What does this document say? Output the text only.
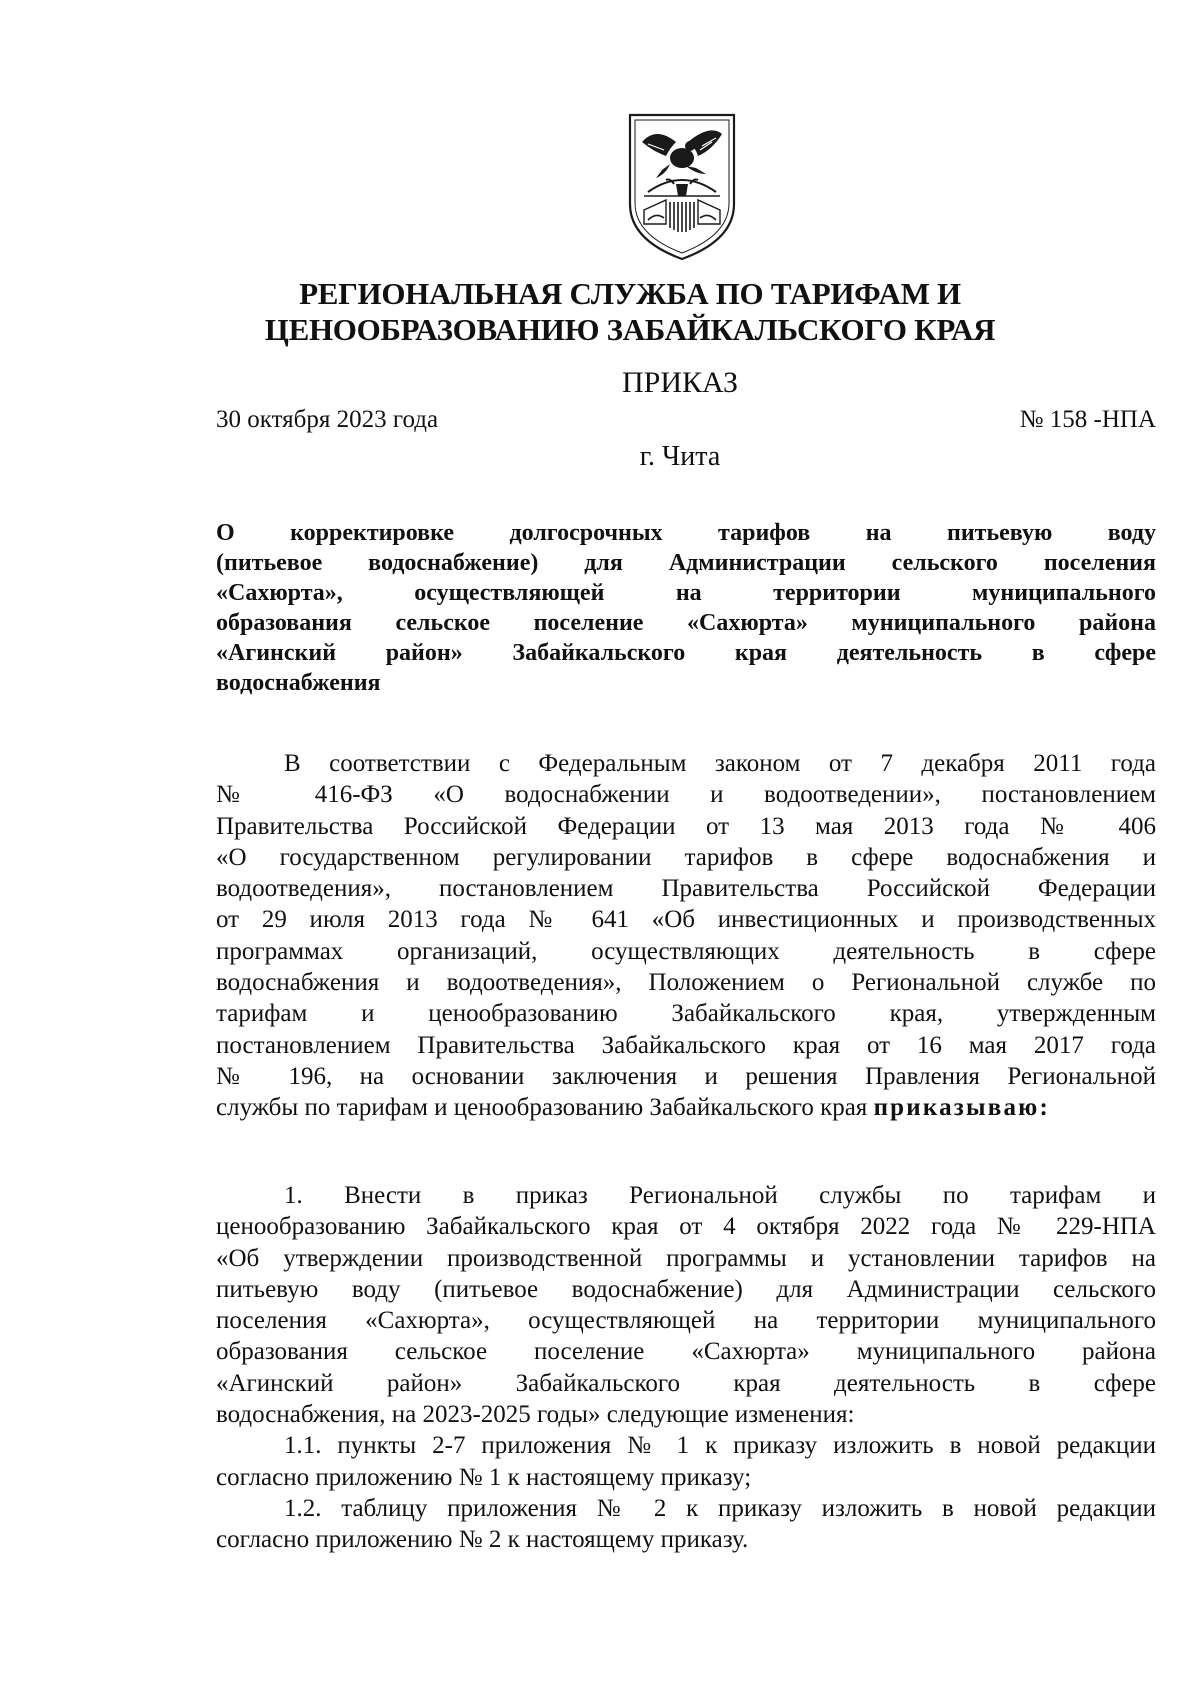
РЕГИОНАЛЬНАЯ СЛУЖБА ПО ТАРИФАМ И
ЦЕНООБРАЗОВАНИЮ ЗАБАЙКАЛЬСКОГО КРАЯ
ПРИКАЗ
30 октября 2023 года	№ 158 -НПА
г. Чита
О корректировке долгосрочных тарифов на питьевую воду
(питьевое водоснабжение) для Администрации сельского поселения
«Сахюрта», осуществляющей на территории муниципального
образования сельское поселение «Сахюрта» муниципального района
«Агинский район» Забайкальского края деятельность в сфере
водоснабжения
В соответствии с Федеральным законом от 7 декабря 2011 года
№ 416-ФЗ «О водоснабжении и водоотведении», постановлением
Правительства Российской Федерации от 13 мая 2013 года № 406
«О государственном регулировании тарифов в сфере водоснабжения и
водоотведения», постановлением Правительства Российской Федерации
от 29 июля 2013 года № 641 «Об инвестиционных и производственных
программах организаций, осуществляющих деятельность в сфере
водоснабжения и водоотведения», Положением о Региональной службе по
тарифам и ценообразованию Забайкальского края, утвержденным
постановлением Правительства Забайкальского края от 16 мая 2017 года
№ 196, на основании заключения и решения Правления Региональной
службы по тарифам и ценообразованию Забайкальского края приказываю:
1. Внести в приказ Региональной службы по тарифам и
ценообразованию Забайкальского края от 4 октября 2022 года № 229-НПА
«Об утверждении производственной программы и установлении тарифов на
питьевую воду (питьевое водоснабжение) для Администрации сельского
поселения «Сахюрта», осуществляющей на территории муниципального
образования сельское поселение «Сахюрта» муниципального района
«Агинский район» Забайкальского края деятельность в сфере
водоснабжения, на 2023-2025 годы» следующие изменения:
1.1. пункты 2-7 приложения № 1 к приказу изложить в новой редакции
согласно приложению № 1 к настоящему приказу;
1.2. таблицу приложения № 2 к приказу изложить в новой редакции
согласно приложению № 2 к настоящему приказу.
